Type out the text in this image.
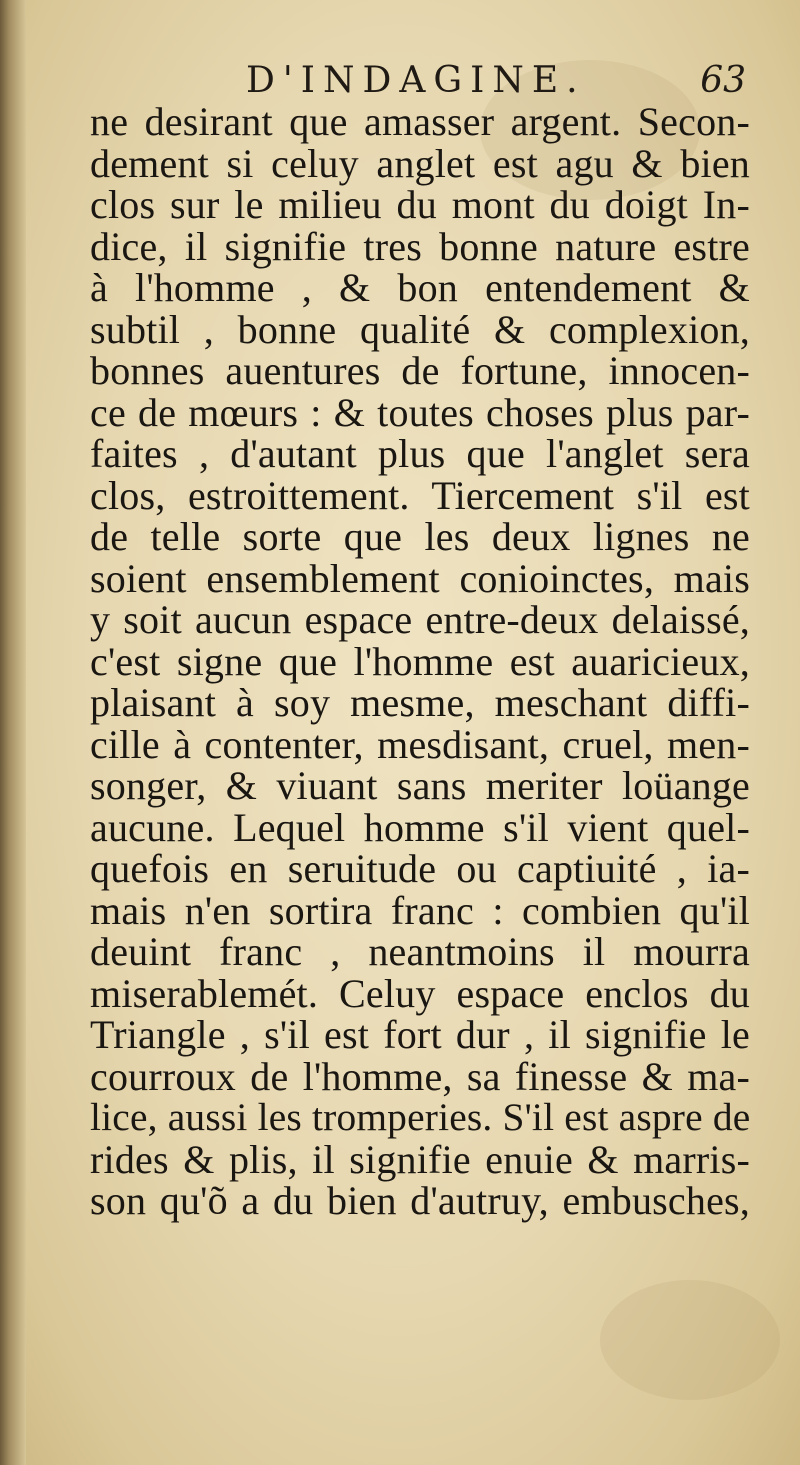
D'INDAGINE.	63
ne desirant que amasser argent. Secon-
dement si celuy anglet est agu & bien
clos sur le milieu du mont du doigt In-
dice, il signifie tres bonne nature estre
à l'homme , & bon entendement &
subtil , bonne qualité & complexion,
bonnes auentures de fortune, innocen-
ce de mœurs : & toutes choses plus par-
faites , d'autant plus que l'anglet sera
clos, estroittement. Tiercement s'il est
de telle sorte que les deux lignes ne
soient ensemblement conioinctes, mais
y soit aucun espace entre-deux delaissé,
c'est signe que l'homme est auaricieux,
plaisant à soy mesme, meschant diffi-
cille à contenter, mesdisant, cruel, men-
songer, & viuant sans meriter loüange
aucune. Lequel homme s'il vient quel-
quefois en seruitude ou captiuité , ia-
mais n'en sortira franc : combien qu'il
deuint franc , neantmoins il mourra
miserablemét. Celuy espace enclos du
Triangle , s'il est fort dur , il signifie le
courroux de l'homme, sa finesse & ma-
lice, aussi les tromperies. S'il est aspre de
rides & plis, il signifie enuie & marris-
son qu'õ a du bien d'autruy, embusches,
